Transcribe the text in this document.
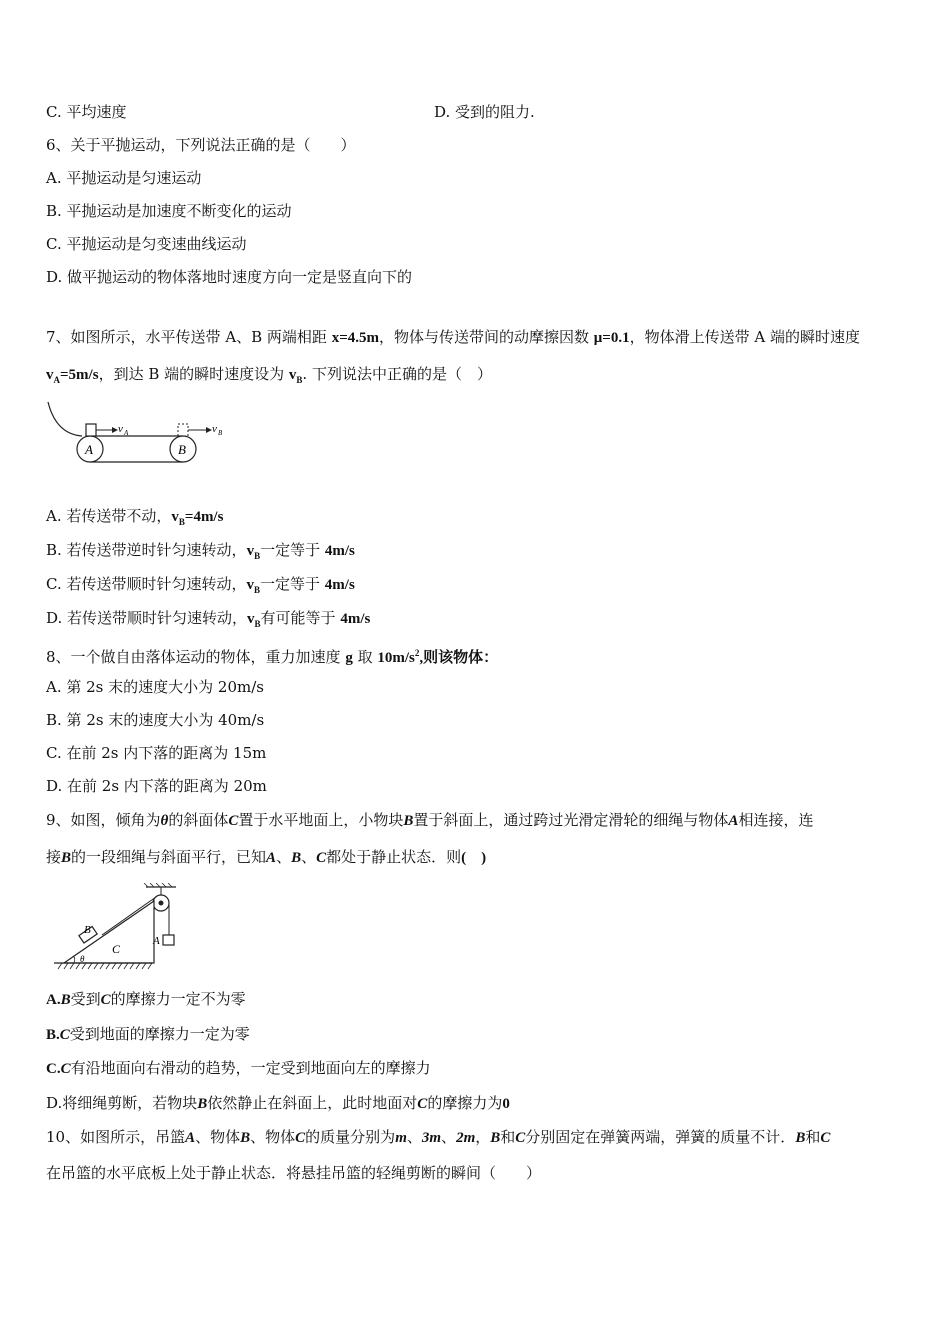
C. 平均速度	D. 受到的阻力.
6、关于平抛运动，下列说法正确的是（　　）
A. 平抛运动是匀速运动
B. 平抛运动是加速度不断变化的运动
C. 平抛运动是匀变速曲线运动
D. 做平抛运动的物体落地时速度方向一定是竖直向下的
7、如图所示，水平传送带 A、B 两端相距 x=4.5m，物体与传送带间的动摩擦因数 μ=0.1，物体滑上传送带 A 端的瞬时速度
$v_A=5m/s$，到达 B 端的瞬时速度设为 $v_B$. 下列说法中正确的是（　）
A	B
v A	v B
A. 若传送带不动，$v_B=4m/s$
B. 若传送带逆时针匀速转动，$v_B$一定等于 4m/s
C. 若传送带顺时针匀速转动，$v_B$一定等于 4m/s
D. 若传送带顺时针匀速转动，$v_B$有可能等于 4m/s
8、一个做自由落体运动的物体，重力加速度 g 取 $10m/s^2$,则该物体：
A. 第 2s 末的速度大小为 20m/s
B. 第 2s 末的速度大小为 40m/s
C. 在前 2s 内下落的距离为 15m
D. 在前 2s 内下落的距离为 20m
9、如图，倾角为θ的斜面体C置于水平地面上，小物块B置于斜面上，通过跨过光滑定滑轮的细绳与物体A相连接，连
接B的一段细绳与斜面平行，已知A、B、C都处于静止状态．则(　)
B
C
A
θ
A.B受到C的摩擦力一定不为零
B.C受到地面的摩擦力一定为零
C.C有沿地面向右滑动的趋势，一定受到地面向左的摩擦力
D.将细绳剪断，若物块B依然静止在斜面上，此时地面对C的摩擦力为0
10、如图所示，吊篮A、物体B、物体C的质量分别为m、3m、2m，B和C分别固定在弹簧两端，弹簧的质量不计．B和C
在吊篮的水平底板上处于静止状态．将悬挂吊篮的轻绳剪断的瞬间（　　）
